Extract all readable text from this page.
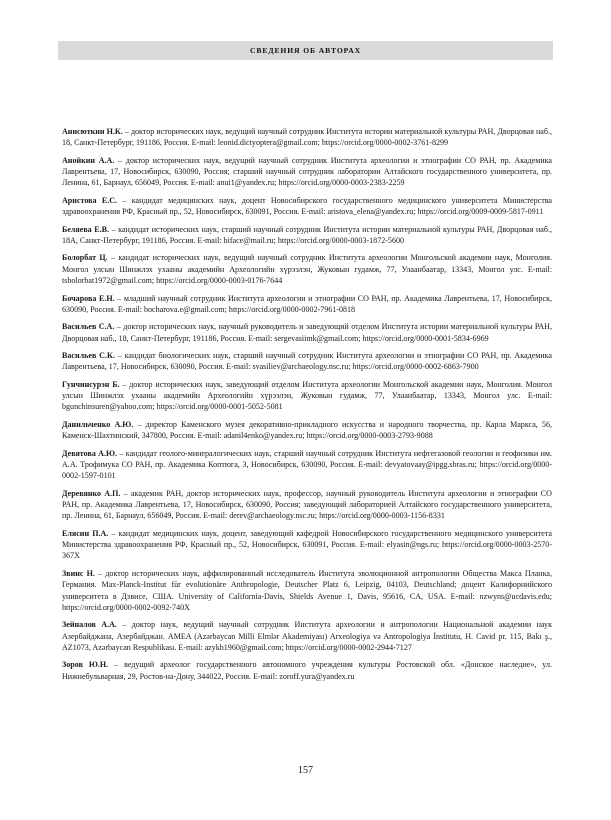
СВЕДЕНИЯ ОБ АВТОРАХ

Анисюткин Н.К. – доктор исторических наук, ведущий научный сотрудник Института истории материальной культуры РАН, Дворцовая наб., 18, Санкт-Петербург, 191186, Россия. E-mail: leonid.dictyoptera@gmail.com; https://orcid.org/0000-0002-3761-8299

Анойкин А.А. – доктор исторических наук, ведущий научный сотрудник Института археологии и этнографии СО РАН, пр. Академика Лаврентьева, 17, Новосибирск, 630090, Россия; старший научный сотрудник лаборатории Алтайского государственного университета, пр. Ленина, 61, Барнаул, 656049, Россия. E-mail: anui1@yandex.ru; https://orcid.org/0000-0003-2383-2259

Аристова Е.С. – кандидат медицинских наук, доцент Новосибирского государственного медицинского университета Министерства здравоохранения РФ, Красный пр., 52, Новосибирск, 630091, Россия. E-mail: aristova_elena@yandex.ru; https://orcid.org/0009-0009-5817-0911

Беляева Е.В. – кандидат исторических наук, старший научный сотрудник Института истории материальной культуры РАН, Дворцовая наб., 18А, Санкт-Петербург, 191186, Россия. E-mail: biface@mail.ru; https://orcid.org/0000-0003-1872-5600

Болорбат Ц. – кандидат исторических наук, ведущий научный сотрудник Института археологии Монгольской академии наук, Монголия. Монгол улсын Шинжлэх ухааны академийн Археологийн хүрээлэн, Жуковын гудамж, 77, Улаанбаатар, 13343, Монгол улс. E-mail: tsbolorbat1972@gmail.com; https://orcid.org/0000-0003-0176-7644

Бочарова Е.Н. – младший научный сотрудник Института археологии и этнографии СО РАН, пр. Академика Лаврентьева, 17, Новосибирск, 630090, Россия. E-mail: bocharova.e@gmail.com; https://orcid.org/0000-0002-7961-0818

Васильев С.А. – доктор исторических наук, научный руководитель и заведующий отделом Института истории материальной культуры РАН, Дворцовая наб., 18, Санкт-Петербург, 191186, Россия. E-mail: sergevasiimk@gmail.com; https://orcid.org/0000-0001-5834-6969

Васильев С.К. – кандидат биологических наук, старший научный сотрудник Института археологии и этнографии СО РАН, пр. Академика Лаврентьева, 17, Новосибирск, 630090, Россия. E-mail: svasiliev@archaeology.nsc.ru; https://orcid.org/0000-0002-6863-7900

Гунчинсурэн Б. – доктор исторических наук, заведующий отделом Института археологии Монгольской академии наук, Монголия. Монгол улсын Шинжлэх ухааны академийн Археологийн хүрээлэн, Жуковын гудамж, 77, Улаанбаатар, 13343, Монгол улс. E-mail: bgunchinsuren@yahoo.com; https://orcid.org/0000-0001-5052-5081

Данильченко А.Ю. – директор Каменского музея декоративно-прикладного искусства и народного творчества, пр. Карла Маркса, 56, Каменск-Шахтинский, 347800, Россия. E-mail: adanil4enko@yandex.ru; https://orcid.org/0000-0003-2793-9088

Девятова А.Ю. – кандидат геолого-минералогических наук, старший научный сотрудник Института нефтегазовой геологии и геофизики им. А.А. Трофимука СО РАН, пр. Академика Коптюга, 3, Новосибирск, 630090, Россия. E-mail: devyatovaay@ipgg.sbras.ru; https://orcid.org/0000-0002-1597-0101

Деревянко А.П. – академик РАН, доктор исторических наук, профессор, научный руководитель Института археологии и этнографии СО РАН, пр. Академика Лаврентьева, 17, Новосибирск, 630090, Россия; заведующий лабораторией Алтайского государственного университета, пр. Ленина, 61, Барнаул, 656049, Россия. E-mail: derev@archaeology.nsc.ru; https://orcid.org/0000-0003-1156-8331

Елясин П.А. – кандидат медицинских наук, доцент, заведующий кафедрой Новосибирского государственного медицинского университета Министерства здравоохранения РФ, Красный пр., 52, Новосибирск, 630091, Россия. E-mail: elyasin@ngs.ru; https://orcid.org/0000-0003-2570-367X

Звинс Н. – доктор исторических наук, аффилированный исследователь Института эволюционной антропологии Общества Макса Планка, Германия. Max-Planck-Institut für evolutionäre Anthropologie, Deutscher Platz 6, Leipzig, 04103, Deutschland; доцент Калифорнийского университета в Дэвисе, США. University of California-Davis, Shields Avenue 1, Davis, 95616, CA, USA. E-mail: nzwyns@ucdavis.edu; https://orcid.org/0000-0002-0092-740X

Зейналов А.А. – доктор наук, ведущий научный сотрудник Института археологии и антропологии Национальной академии наук Азербайджана, Азербайджан. AMEA (Azərbaycan Milli Elmlər Akademiyası) Arxeologiya və Antropologiya İnstitutu, H. Cavid pr. 115, Bakı ş., AZ1073, Azərbaycan Respublikası. E-mail: azykh1960@gmail.com; https://orcid.org/0000-0002-2944-7127

Зоров Ю.Н. – ведущий археолог государственного автономного учреждения культуры Ростовской обл. «Донское наследие», ул. Нижнебульварная, 29, Ростов-на-Дону, 344022, Россия. E-mail: zoroff.yura@yandex.ru

157
